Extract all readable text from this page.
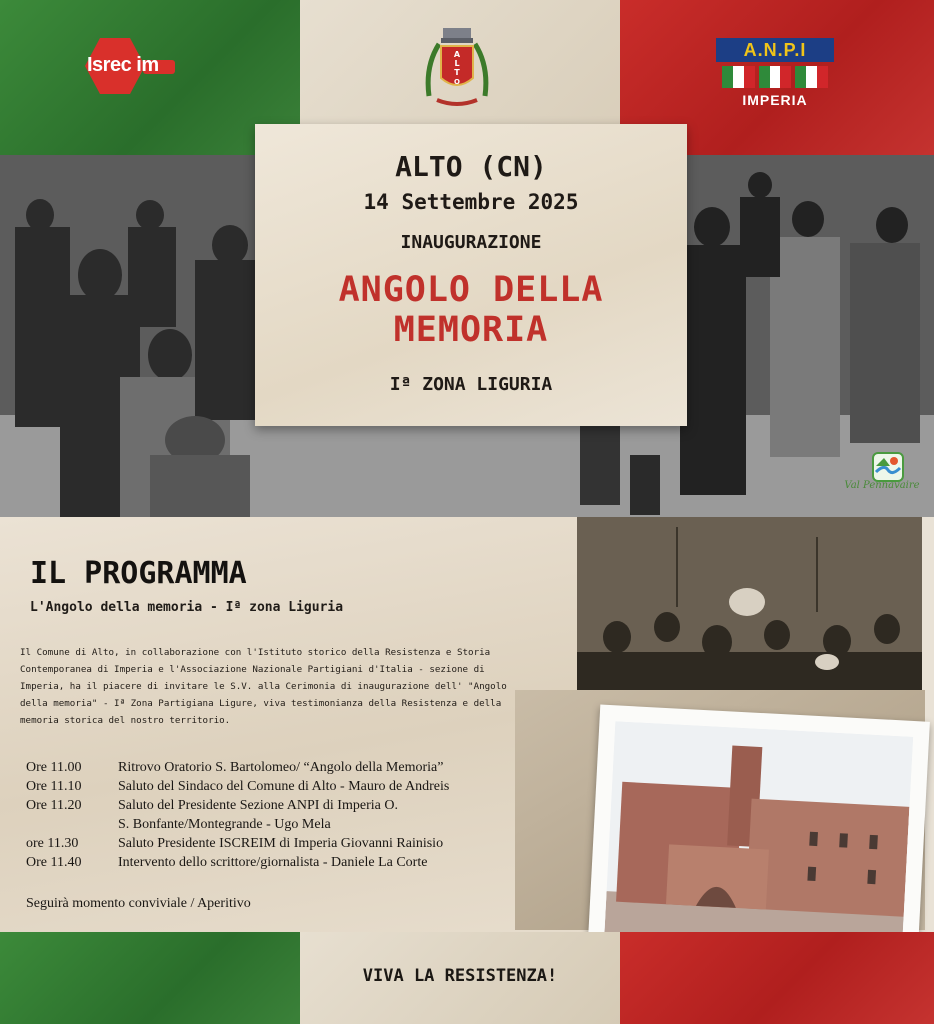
Isrec im	A
L
T
O
A.N.P.I
IMPERIA
ALTO (CN)
14 Settembre 2025
INAUGURAZIONE
ANGOLO DELLA
MEMORIA
Iª ZONA LIGURIA
Val Pennavaire
IL PROGRAMMA
L'Angolo della memoria - Iª zona Liguria
Il Comune di Alto, in collaborazione con l'Istituto storico della Resistenza e Storia Contemporanea di Imperia e l'Associazione Nazionale Partigiani d'Italia - sezione di Imperia, ha il piacere di invitare le S.V. alla Cerimonia di inaugurazione dell' "Angolo della memoria" - Iª Zona Partigiana Ligure, viva testimonianza della Resistenza e della memoria storica del nostro territorio.
Ore 11.00	Ritrovo Oratorio S. Bartolomeo/ “Angolo della Memoria”
Ore 11.10	Saluto del Sindaco del Comune di Alto - Mauro de Andreis
Ore 11.20	Saluto del Presidente Sezione ANPI di Imperia O.
S. Bonfante/Montegrande - Ugo Mela
ore 11.30	Saluto Presidente ISCREIM di Imperia Giovanni Rainisio
Ore 11.40	Intervento dello scrittore/giornalista - Daniele La Corte
Seguirà momento conviviale / Aperitivo
VIVA LA RESISTENZA!
